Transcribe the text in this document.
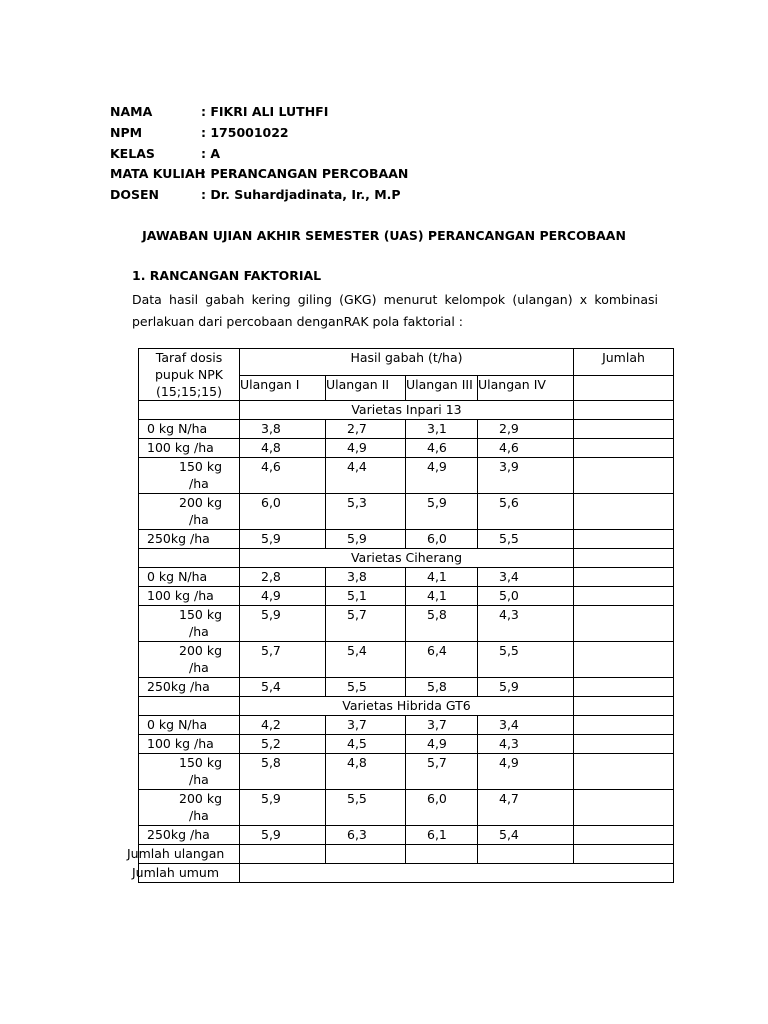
NAMA	: FIKRI ALI LUTHFI
NPM	: 175001022
KELAS	: A
MATA KULIAH
: PERANCANGAN PERCOBAAN
DOSEN	: Dr. Suhardjadinata, Ir., M.P
JAWABAN UJIAN AKHIR SEMESTER (UAS) PERANCANGAN PERCOBAAN
1. RANCANGAN FAKTORIAL
Data hasil gabah kering giling (GKG) menurut kelompok (ulangan) x kombinasi perlakuan dari percobaan denganRAK pola faktorial :
Taraf dosis pupuk NPK (15;15;15)	Hasil gabah (t/ha)				Jumlah
	Ulangan I	Ulangan II	Ulangan III	Ulangan IV	
	Varietas Inpari 13				

0 kg N/ha	3,8	2,7	3,1	2,9	

100 kg /ha	4,8	4,9	4,6	4,6	

150 kg
/ha	4,6	4,4	4,9	3,9	

200 kg
/ha	6,0	5,3	5,9	5,6	

250kg /ha	5,9	5,9	6,0	5,5	
	Varietas Ciherang				

0 kg N/ha	2,8	3,8	4,1	3,4	

100 kg /ha	4,9	5,1	4,1	5,0	

150 kg
/ha	5,9	5,7	5,8	4,3	

200 kg
/ha	5,7	5,4	6,4	5,5	

250kg /ha	5,4	5,5	5,8	5,9	
	Varietas Hibrida GT6				

0 kg N/ha	4,2	3,7	3,7	3,4	

100 kg /ha	5,2	4,5	4,9	4,3	

150 kg
/ha	5,8	4,8	5,7	4,9	

200 kg
/ha	5,9	5,5	6,0	4,7	

250kg /ha	5,9	6,3	6,1	5,4	
Jumlah ulangan					
Jumlah umum					
